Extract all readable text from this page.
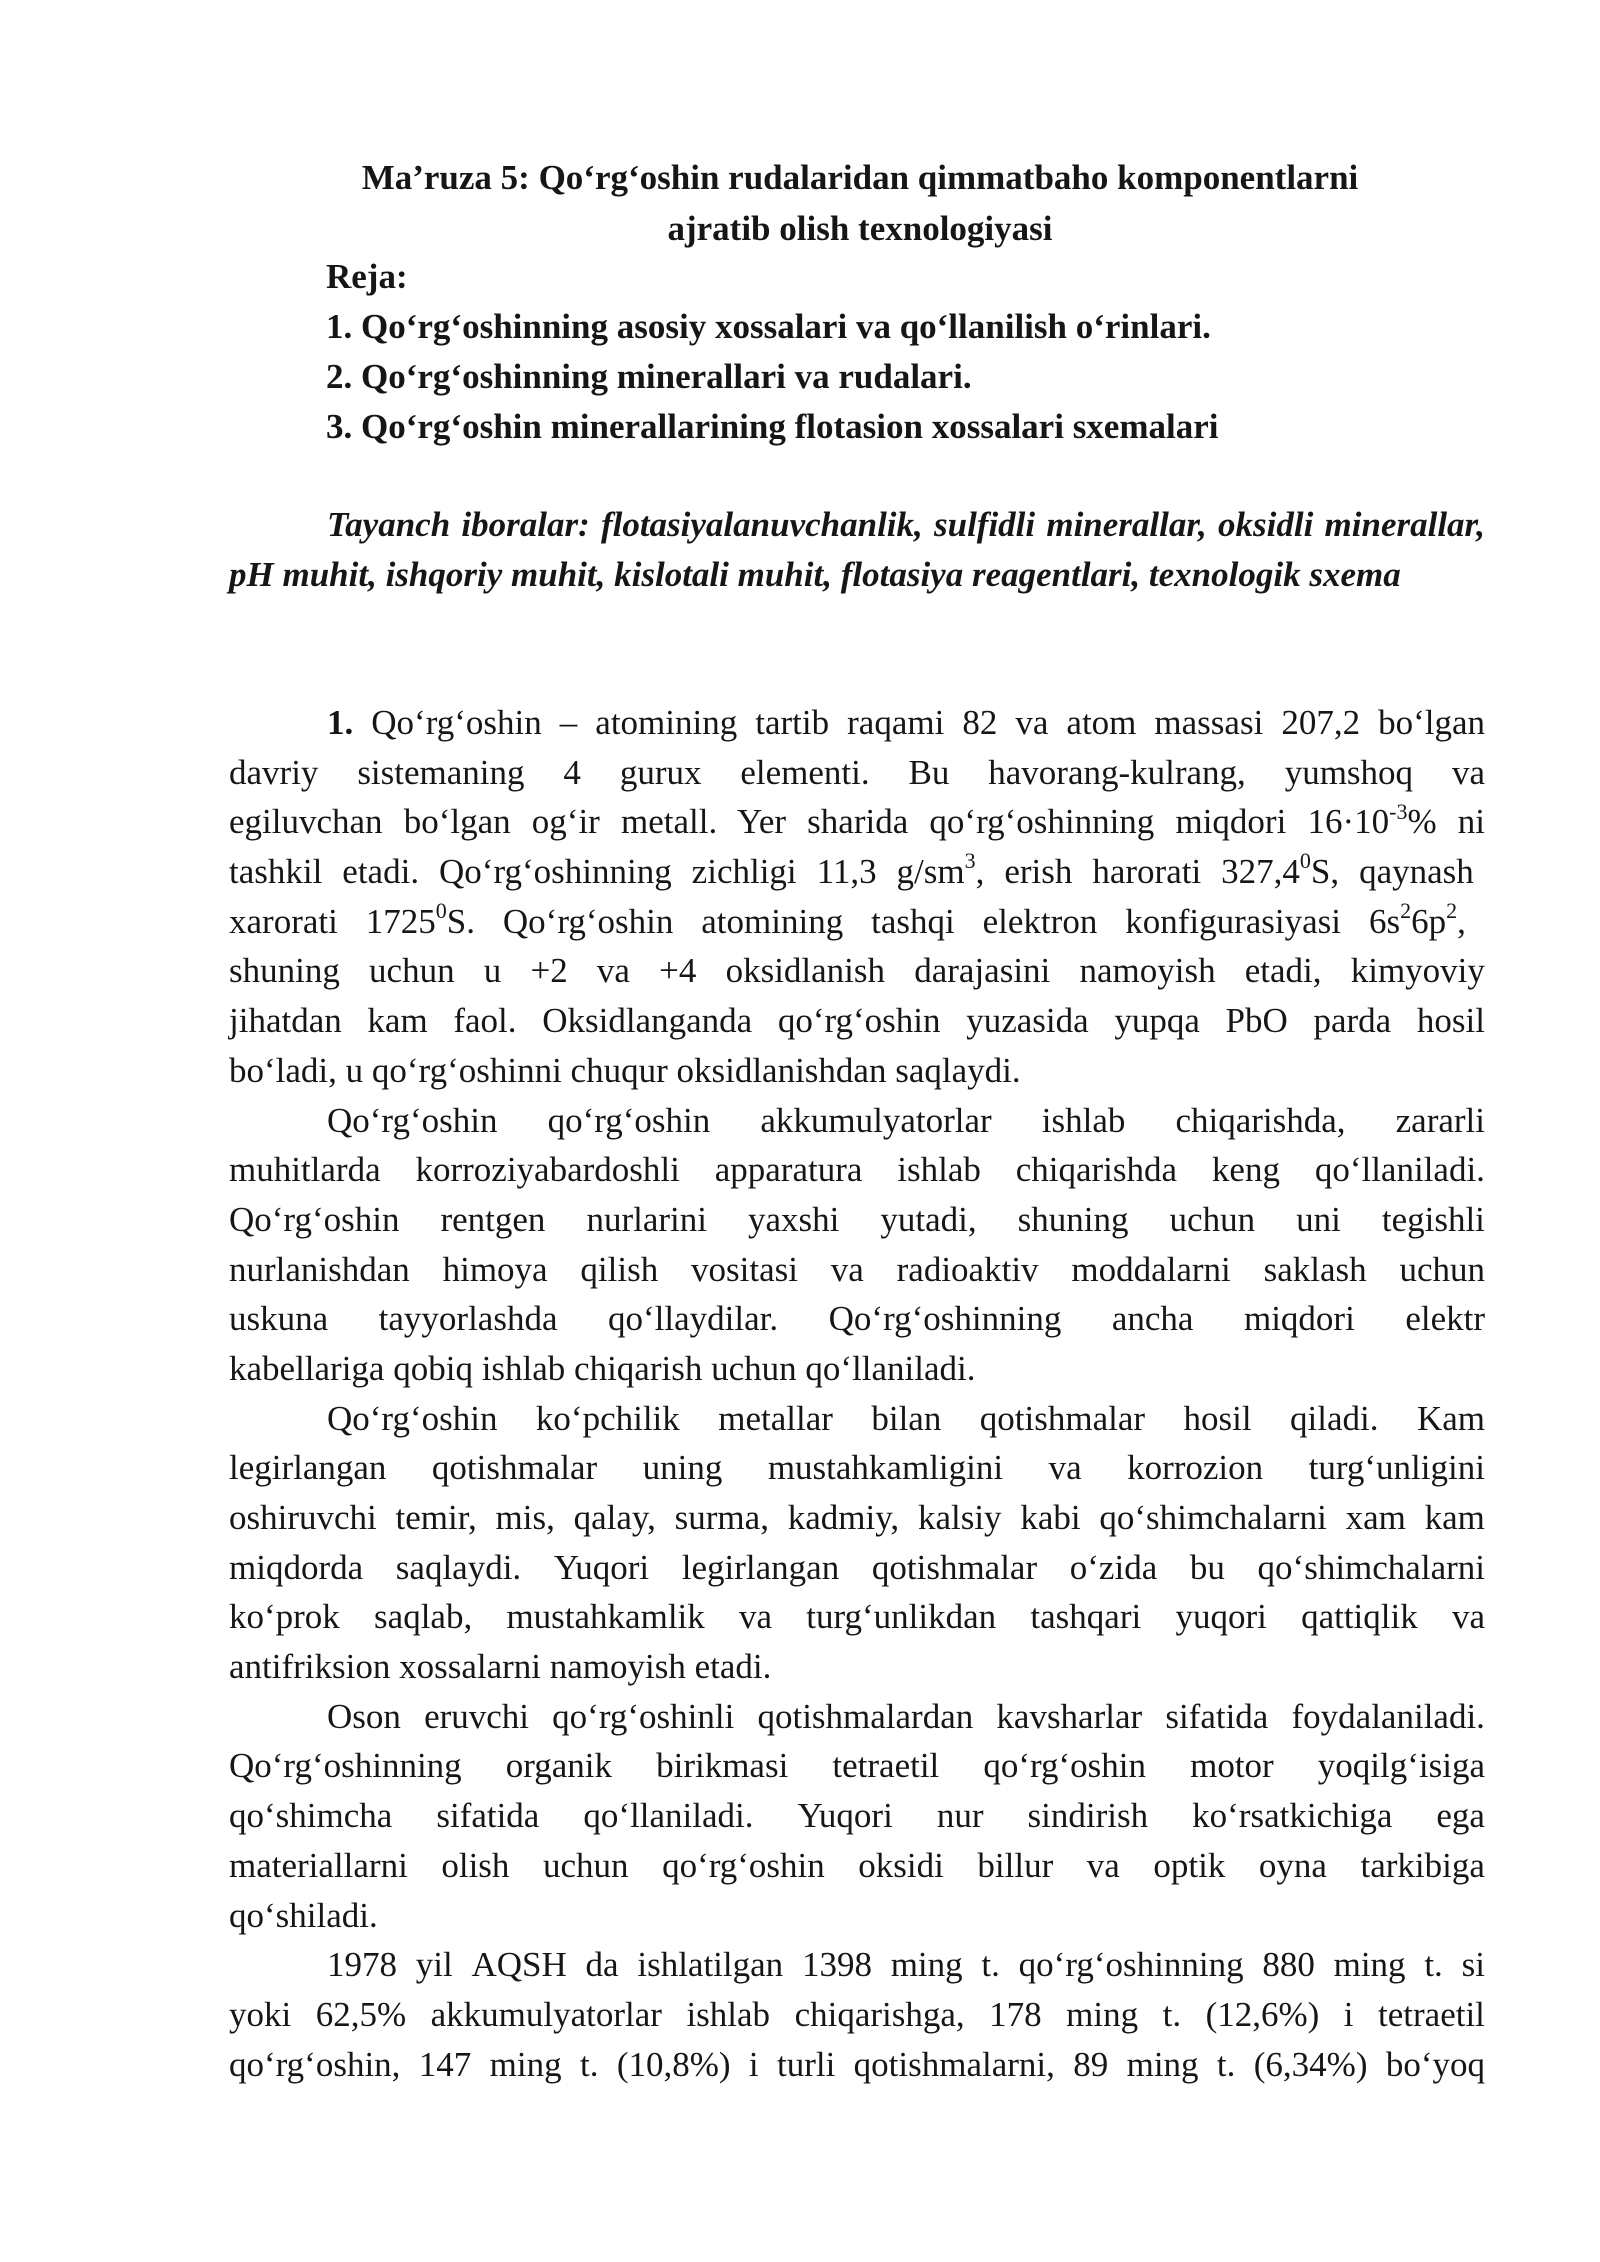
Ma’ruza 5: Qo‘rg‘oshin rudalaridan qimmatbaho komponentlarni
ajratib olish texnologiyasi
Reja:
1. Qo‘rg‘oshinning asosiy xossalari va qo‘llanilish o‘rinlari.
2. Qo‘rg‘oshinning minerallari va rudalari.
3. Qo‘rg‘oshin minerallarining flotasion xossalari sxemalari
Tayanch iboralar: flotasiyalanuvchanlik, sulfidli minerallar, oksidli minerallar, pH muhit, ishqoriy muhit, kislotali muhit, flotasiya reagentlari, texnologik sxema
1. Qo‘rg‘oshin – atomining tartib raqami 82 va atom massasi 207,2 bo‘lgan
davriy sistemaning 4 gurux elementi. Bu havorang-kulrang, yumshoq va
egiluvchan bo‘lgan og‘ir metall. Yer sharida qo‘rg‘oshinning miqdori $16\cdot 10^{-3}\%$ ni
tashkil etadi. Qo‘rg‘oshinning zichligi 11,3 $g/sm^3$, erish harorati 327,4$^0$S, qaynash
xarorati 1725$^0$S. Qo‘rg‘oshin atomining tashqi elektron konfigurasiyasi $6s^26p^2$,
shuning uchun u +2 va +4 oksidlanish darajasini namoyish etadi, kimyoviy
jihatdan kam faol. Oksidlanganda qo‘rg‘oshin yuzasida yupqa PbO parda hosil
bo‘ladi, u qo‘rg‘oshinni chuqur oksidlanishdan saqlaydi.
Qo‘rg‘oshin qo‘rg‘oshin akkumulyatorlar ishlab chiqarishda, zararli
muhitlarda korroziyabardoshli apparatura ishlab chiqarishda keng qo‘llaniladi.
Qo‘rg‘oshin rentgen nurlarini yaxshi yutadi, shuning uchun uni tegishli
nurlanishdan himoya qilish vositasi va radioaktiv moddalarni saklash uchun
uskuna tayyorlashda qo‘llaydilar. Qo‘rg‘oshinning ancha miqdori elektr
kabellariga qobiq ishlab chiqarish uchun qo‘llaniladi.
Qo‘rg‘oshin ko‘pchilik metallar bilan qotishmalar hosil qiladi. Kam
legirlangan qotishmalar uning mustahkamligini va korrozion turg‘unligini
oshiruvchi temir, mis, qalay, surma, kadmiy, kalsiy kabi qo‘shimchalarni xam kam
miqdorda saqlaydi. Yuqori legirlangan qotishmalar o‘zida bu qo‘shimchalarni
ko‘prok saqlab, mustahkamlik va turg‘unlikdan tashqari yuqori qattiqlik va
antifriksion xossalarni namoyish etadi.
Oson eruvchi qo‘rg‘oshinli qotishmalardan kavsharlar sifatida foydalaniladi.
Qo‘rg‘oshinning organik birikmasi tetraetil qo‘rg‘oshin motor yoqilg‘isiga
qo‘shimcha sifatida qo‘llaniladi. Yuqori nur sindirish ko‘rsatkichiga ega
materiallarni olish uchun qo‘rg‘oshin oksidi billur va optik oyna tarkibiga
qo‘shiladi.
1978 yil AQSH da ishlatilgan 1398 ming t. qo‘rg‘oshinning 880 ming t. si
yoki 62,5% akkumulyatorlar ishlab chiqarishga, 178 ming t. (12,6%) i tetraetil
qo‘rg‘oshin, 147 ming t. (10,8%) i turli qotishmalarni, 89 ming t. (6,34%) bo‘yoq
